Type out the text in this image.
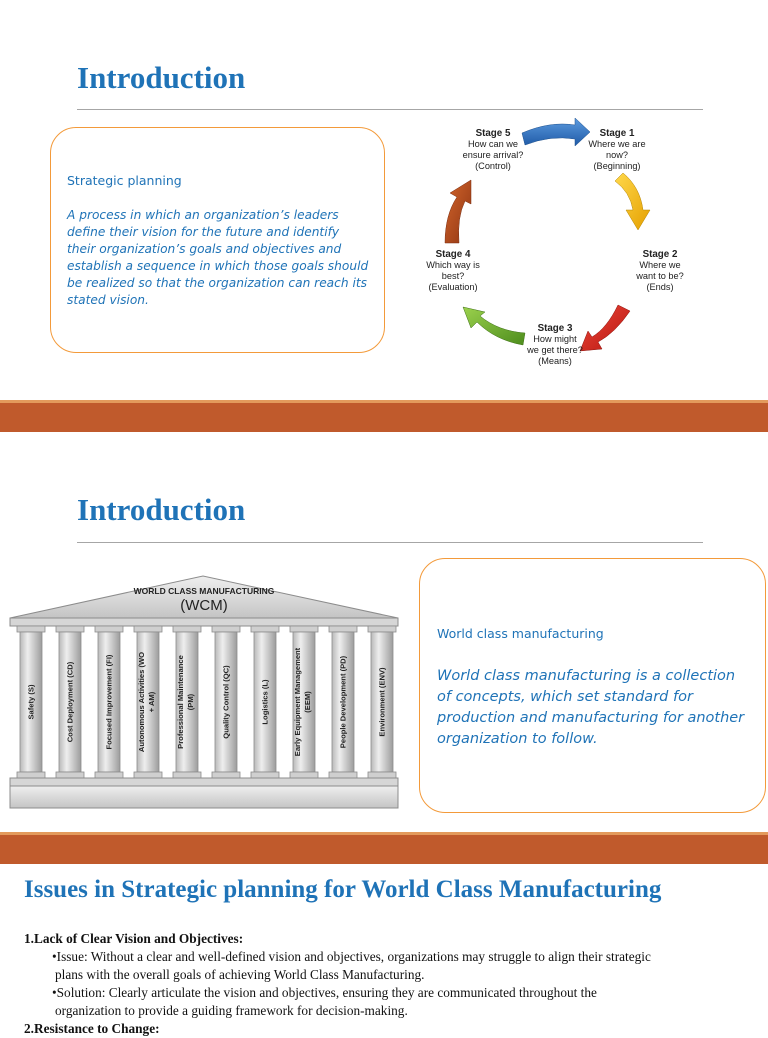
Introduction
Strategic planning
A process in which an organization’s leaders define their vision for the future and identify their organization’s goals and objectives and establish a sequence in which those goals should be realized so that the organization can reach its stated vision.
Stage 1
Where we are
now?
(Beginning)
Stage 2
Where we
want to be?
(Ends)
Stage 3
How might
we get there?
(Means)
Stage 4
Which way is
best?
(Evaluation)
Stage 5
How can we
ensure arrival?
(Control)
Introduction
Safety (S)	Cost Deployment (CD)	Focused Improvement (FI)	Autonomous Activities (WO + AM)	Professional Maintenance (PM)	Quality Control (QC)	Logistics (L)	Early Equipment Management (EEM)	People Development (PD)	Environment (ENV)
WORLD CLASS MANUFACTURING
(WCM)
World class manufacturing
World class manufacturing is a collection of concepts, which set standard for production and manufacturing for another organization to follow.
Issues in Strategic planning for World Class Manufacturing
1.Lack of Clear Vision and Objectives:
•Issue: Without a clear and well-defined vision and objectives, organizations may struggle to align their strategic
plans with the overall goals of achieving World Class Manufacturing.
•Solution: Clearly articulate the vision and objectives, ensuring they are communicated throughout the
organization to provide a guiding framework for decision-making.
2.Resistance to Change:
